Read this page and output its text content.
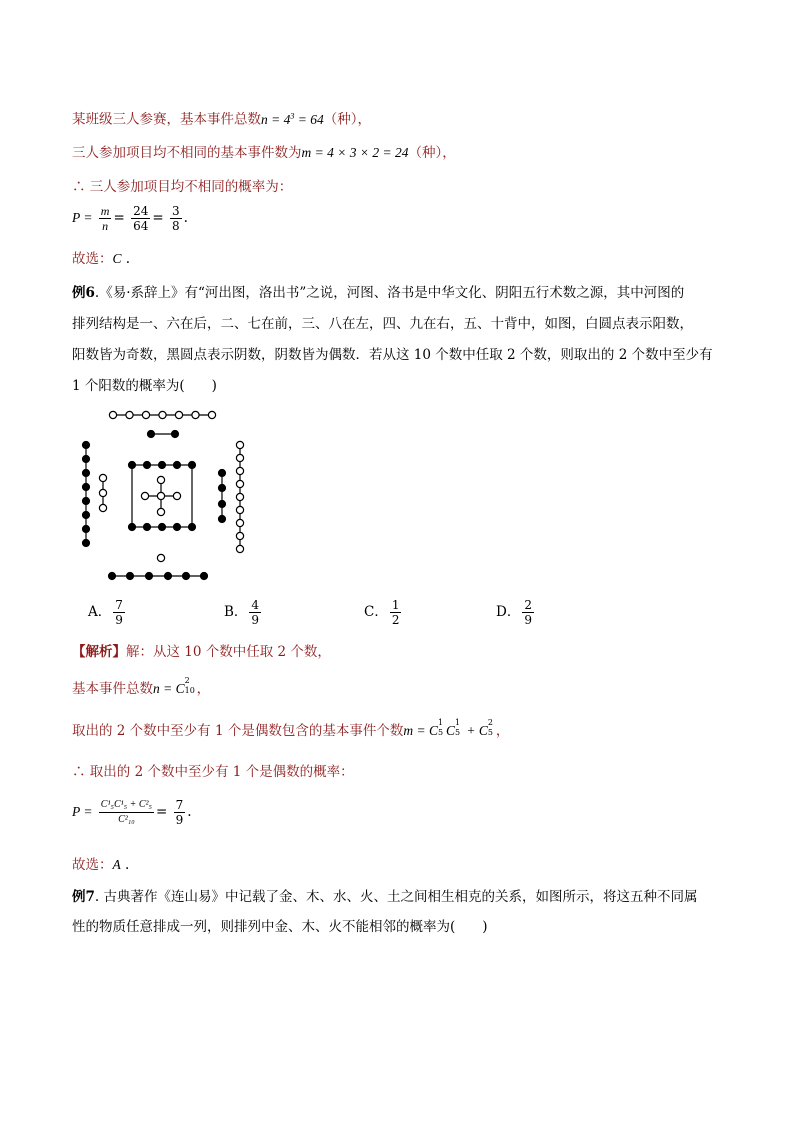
某班级三人参赛，基本事件总数$n = 4^3 = 64$（种），
三人参加项目均不相同的基本事件数为m = 4 × 3 × 2 = 24（种），
∴ 三人参加项目均不相同的概率为：
$P = \frac{m}{n} = \frac{24}{64} = \frac{3}{8}$ .
故选：C .
例6.《易·系辞上》有“河出图，洛出书”之说，河图、洛书是中华文化、阴阳五行术数之源，其中河图的
排列结构是一、六在后，二、七在前，三、八在左，四、九在右，五、十背中，如图，白圆点表示阳数，
阳数皆为奇数，黑圆点表示阴数，阴数皆为偶数．若从这 10 个数中任取 2 个数，则取出的 2 个数中至少有
1 个阳数的概率为(　　)
A． $\frac{7}{9}$	B． $\frac{4}{9}$	C． $\frac{1}{2}$	D． $\frac{2}{9}$
【解析】解：从这 10 个数中任取 2 个数，
基本事件总数n = C
2
10 ，
取出的 2 个数中至少有 1 个是偶数包含的基本事件个数m = C
1
5 C
1
5 + C
2
5 ，
∴ 取出的 2 个数中至少有 1 个是偶数的概率：
$P = \frac{\text{C¹₅C¹₅ + C²₅}}{\text{C²₁₀}} = \frac{7}{9}$ .
故选：A .
例7. 古典著作《连山易》中记载了金、木、水、火、土之间相生相克的关系，如图所示，将这五种不同属
性的物质任意排成一列，则排列中金、木、火不能相邻的概率为(　　)
